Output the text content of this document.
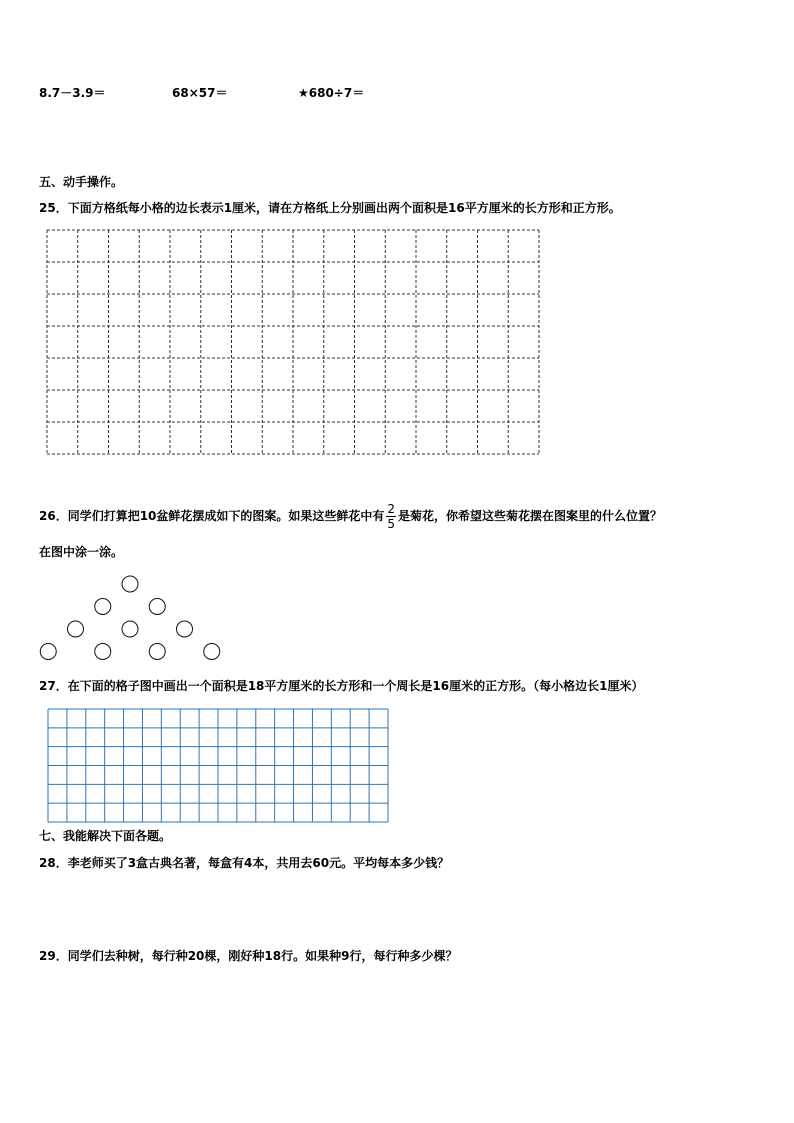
8.7－3.9＝	68×57＝	★680÷7＝
五、动手操作。
25．下面方格纸每小格的边长表示1厘米，请在方格纸上分别画出两个面积是16平方厘米的长方形和正方形。
26．同学们打算把10盆鲜花摆成如下的图案。如果这些鲜花中有 $\frac{2}{5}$ 是菊花，你希望这些菊花摆在图案里的什么位置？
在图中涂一涂。
27．在下面的格子图中画出一个面积是18平方厘米的长方形和一个周长是16厘米的正方形。（每小格边长1厘米）
七、我能解决下面各题。
28．李老师买了3盒古典名著，每盒有4本，共用去60元。平均每本多少钱？
29．同学们去种树，每行种20棵，刚好种18行。如果种9行，每行种多少棵？
